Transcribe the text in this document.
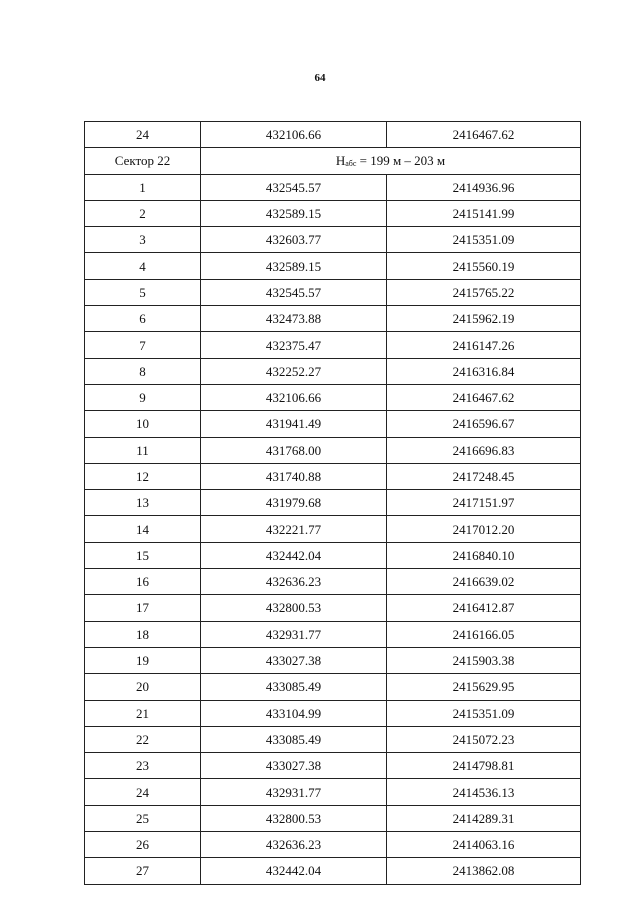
64
24	432106.66	2416467.62
Сектор 22	Набс = 199 м – 203 м	
1	432545.57	2414936.96
2	432589.15	2415141.99
3	432603.77	2415351.09
4	432589.15	2415560.19
5	432545.57	2415765.22
6	432473.88	2415962.19
7	432375.47	2416147.26
8	432252.27	2416316.84
9	432106.66	2416467.62
10	431941.49	2416596.67
11	431768.00	2416696.83
12	431740.88	2417248.45
13	431979.68	2417151.97
14	432221.77	2417012.20
15	432442.04	2416840.10
16	432636.23	2416639.02
17	432800.53	2416412.87
18	432931.77	2416166.05
19	433027.38	2415903.38
20	433085.49	2415629.95
21	433104.99	2415351.09
22	433085.49	2415072.23
23	433027.38	2414798.81
24	432931.77	2414536.13
25	432800.53	2414289.31
26	432636.23	2414063.16
27	432442.04	2413862.08
